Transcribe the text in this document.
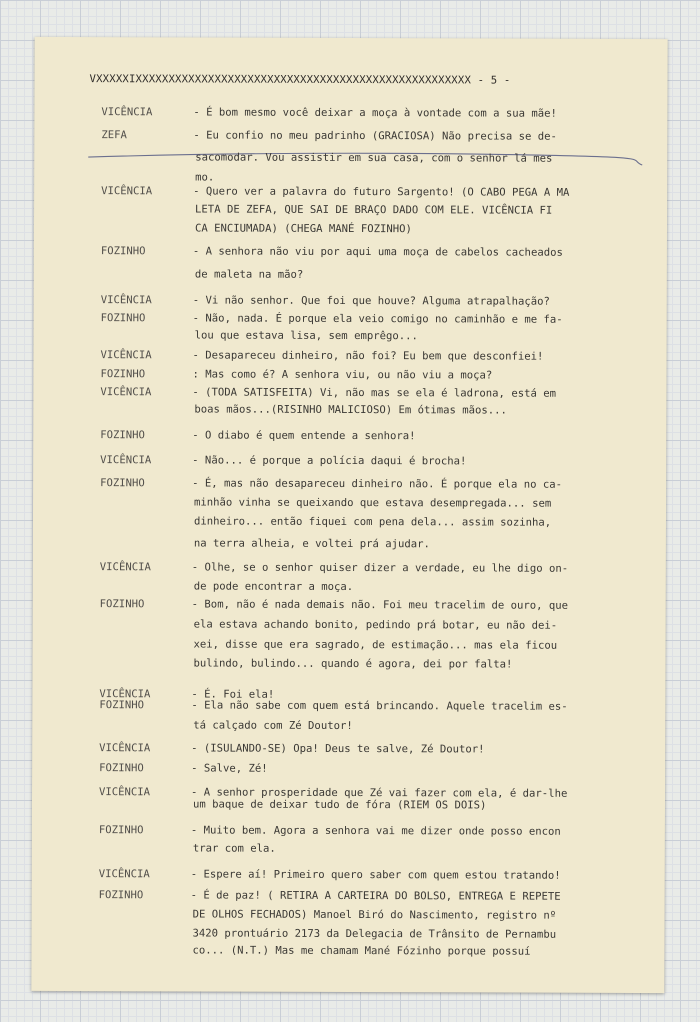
VXXXXXIXXXXXXXXXXXXXXXXXXXXXXXXXXXXXXXXXXXXXXXXXXXXXXXXXXX - 5 -
VICÊNCIA	- É bom mesmo você deixar a moça à vontade com a sua mãe!
ZEFA	- Eu confio no meu padrinho (GRACIOSA) Não precisa se de-
sacomodar. Vou assistir em sua casa, com o senhor lá mes
mo.
VICÊNCIA	- Quero ver a palavra do futuro Sargento! (O CABO PEGA A MA
LETA DE ZEFA, QUE SAI DE BRAÇO DADO COM ELE. VICÊNCIA FI
CA ENCIUMADA) (CHEGA MANÉ FOZINHO)
FOZINHO	- A senhora não viu por aqui uma moça de cabelos cacheados
de maleta na mão?
VICÊNCIA	- Vi não senhor. Que foi que houve? Alguma atrapalhação?
FOZINHO	- Não, nada. É porque ela veio comigo no caminhão e me fa-
lou que estava lisa, sem emprêgo...
VICÊNCIA	- Desapareceu dinheiro, não foi? Eu bem que desconfiei!
FOZINHO	: Mas como é? A senhora viu, ou não viu a moça?
VICÊNCIA	- (TODA SATISFEITA) Vi, não mas se ela é ladrona, está em
boas mãos...(RISINHO MALICIOSO) Em ótimas mãos...
FOZINHO	- O diabo é quem entende a senhora!
VICÊNCIA	- Não... é porque a polícia daqui é brocha!
FOZINHO	- É, mas não desapareceu dinheiro não. É porque ela no ca-
minhão vinha se queixando que estava desempregada... sem
dinheiro... então fiquei com pena dela... assim sozinha,
na terra alheia, e voltei prá ajudar.
VICÊNCIA	- Olhe, se o senhor quiser dizer a verdade, eu lhe digo on-
de pode encontrar a moça.
FOZINHO	- Bom, não é nada demais não. Foi meu tracelim de ouro, que
ela estava achando bonito, pedindo prá botar, eu não dei-
xei, disse que era sagrado, de estimação... mas ela ficou
bulindo, bulindo... quando é agora, dei por falta!
VICÊNCIA	- É. Foi ela!
FOZINHO	- Ela não sabe com quem está brincando. Aquele tracelim es-
tá calçado com Zé Doutor!
VICÊNCIA	- (ISULANDO-SE) Opa! Deus te salve, Zé Doutor!
FOZINHO	- Salve, Zé!
VICÊNCIA	- A senhor prosperidade que Zé vai fazer com ela, é dar-lhe
um baque de deixar tudo de fóra (RIEM OS DOIS)
FOZINHO	- Muito bem. Agora a senhora vai me dizer onde posso encon
trar com ela.
VICÊNCIA	- Espere aí! Primeiro quero saber com quem estou tratando!
FOZINHO	- É de paz! ( RETIRA A CARTEIRA DO BOLSO, ENTREGA E REPETE
DE OLHOS FECHADOS) Manoel Biró do Nascimento, registro nº
3420 prontuário 2173 da Delegacia de Trânsito de Pernambu
co... (N.T.) Mas me chamam Mané Fózinho porque possuí
